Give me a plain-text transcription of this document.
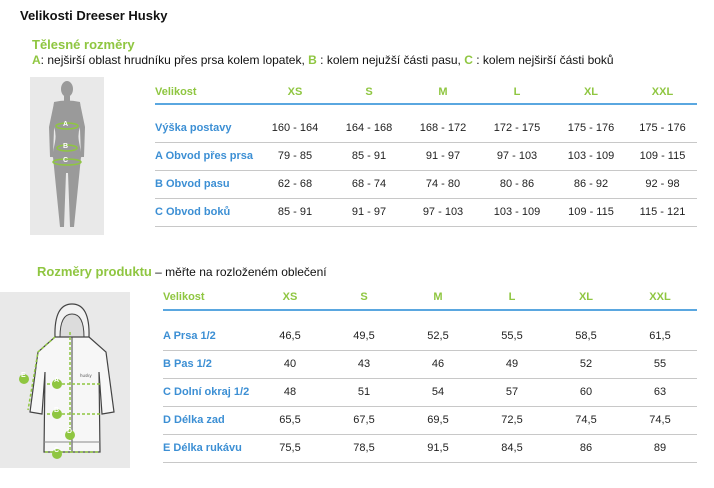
Velikosti Dreeser Husky
Tělesné rozměry
A: nejširší oblast hrudníku přes prsa kolem lopatek, B : kolem nejužší části pasu, C : kolem nejširší části boků
A
B
C
Velikost	XS	S	M	L	XL	XXL

Výška postavy	160 - 164	164 - 168	168 - 172	172 - 175	175 - 176	175 - 176
A Obvod přes prsa	79 - 85	85 - 91	91 - 97	97 - 103	103 - 109	109 - 115
B Obvod pasu	62 - 68	68 - 74	74 - 80	80 - 86	86 - 92	92 - 98
C Obvod boků	85 - 91	91 - 97	97 - 103	103 - 109	109 - 115	115 - 121
Rozměry produktu – měřte na rozloženém oblečení
husky
A
B
C
D
E
Velikost	XS	S	M	L	XL	XXL

A Prsa 1/2	46,5	49,5	52,5	55,5	58,5	61,5
B Pas 1/2	40	43	46	49	52	55
C Dolní okraj 1/2	48	51	54	57	60	63
D Délka zad	65,5	67,5	69,5	72,5	74,5	74,5
E Délka rukávu	75,5	78,5	91,5	84,5	86	89
